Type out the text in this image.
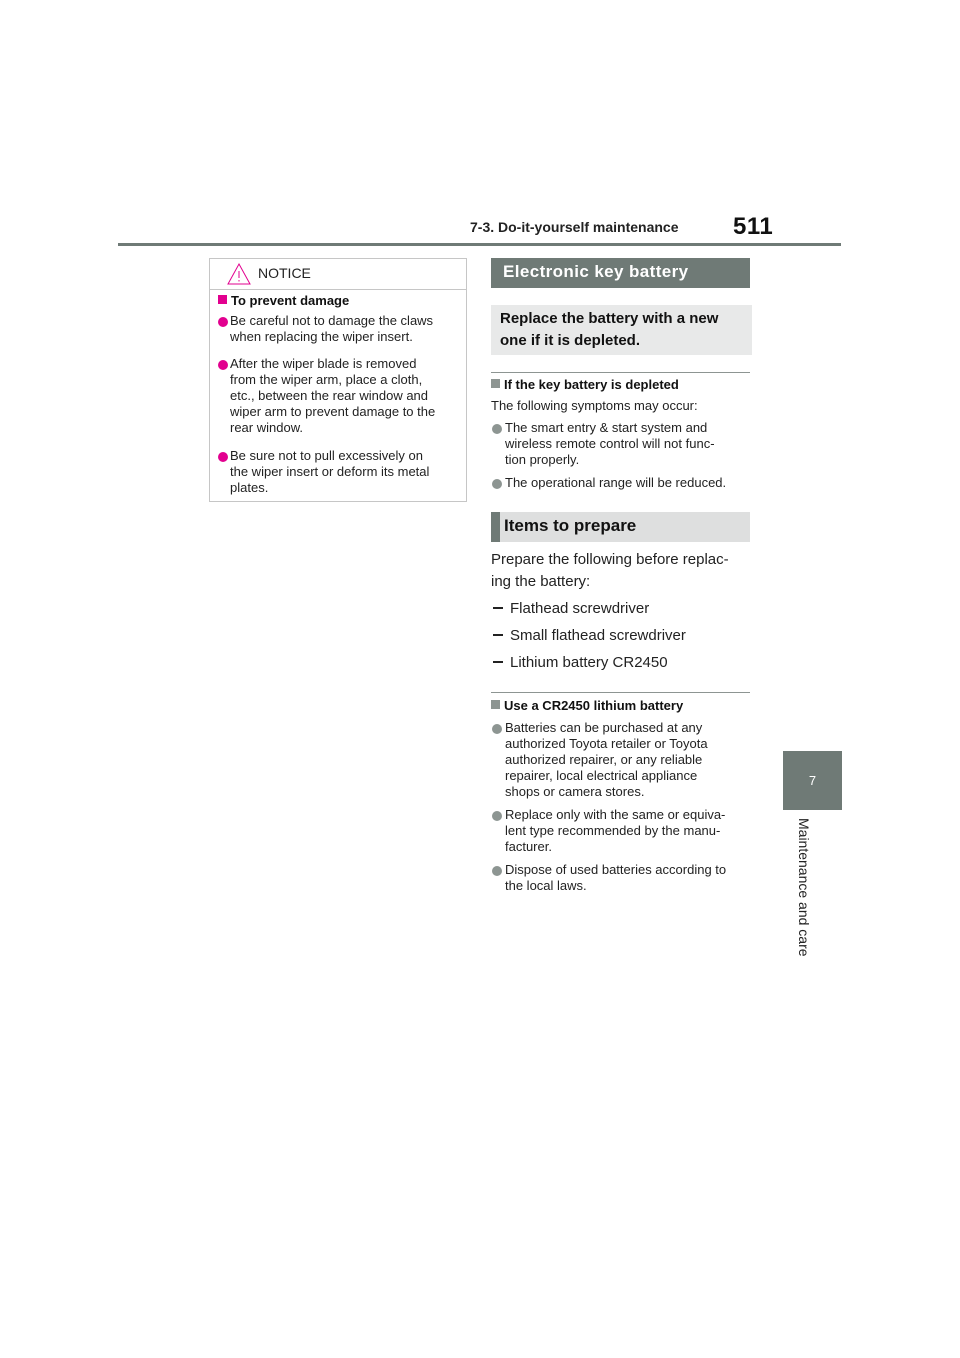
7-3. Do-it-yourself maintenance 511
7
Maintenance and care
NOTICE
To prevent damage
Be careful not to damage the claws
when replacing the wiper insert.
After the wiper blade is removed
from the wiper arm, place a cloth,
etc., between the rear window and
wiper arm to prevent damage to the
rear window.
Be sure not to pull excessively on
the wiper insert or deform its metal
plates.
Electronic key battery
Replace the battery with a new
one if it is depleted.
If the key battery is depleted
The following symptoms may occur:
The smart entry & start system and
wireless remote control will not func-
tion properly.
The operational range will be reduced.
Items to prepare
Prepare the following before replac-
ing the battery:
Flathead screwdriver
Small flathead screwdriver
Lithium battery CR2450
Use a CR2450 lithium battery
Batteries can be purchased at any
authorized Toyota retailer or Toyota
authorized repairer, or any reliable
repairer, local electrical appliance
shops or camera stores.
Replace only with the same or equiva-
lent type recommended by the manu-
facturer.
Dispose of used batteries according to
the local laws.
